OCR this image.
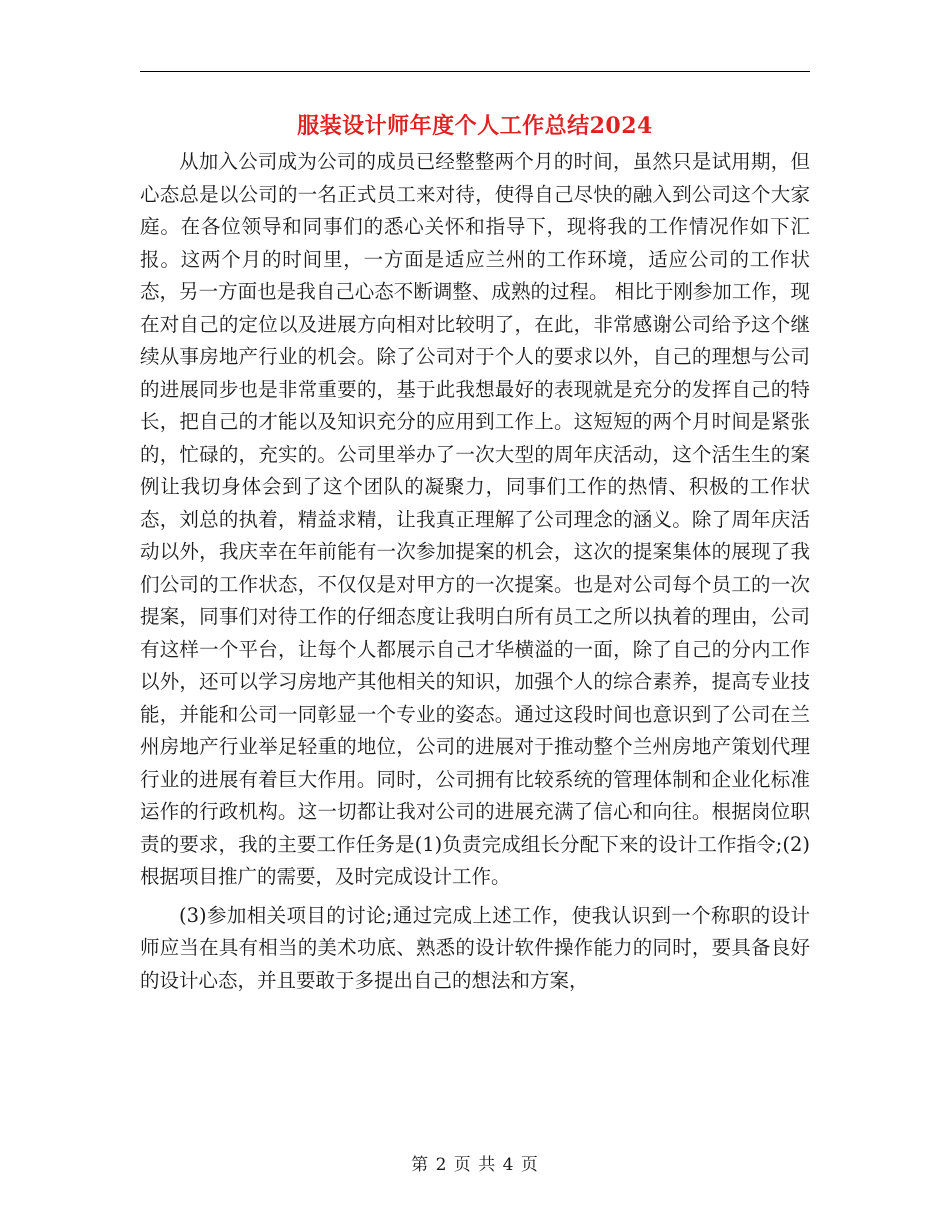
服装设计师年度个人工作总结2024

从加入公司成为公司的成员已经整整两个月的时间，虽然只是试用期，但心态总是以公司的一名正式员工来对待，使得自己尽快的融入到公司这个大家庭。在各位领导和同事们的悉心关怀和指导下，现将我的工作情况作如下汇报。这两个月的时间里，一方面是适应兰州的工作环境，适应公司的工作状态，另一方面也是我自己心态不断调整、成熟的过程。 相比于刚参加工作，现在对自己的定位以及进展方向相对比较明了，在此，非常感谢公司给予这个继续从事房地产行业的机会。除了公司对于个人的要求以外，自己的理想与公司的进展同步也是非常重要的，基于此我想最好的表现就是充分的发挥自己的特长，把自己的才能以及知识充分的应用到工作上。这短短的两个月时间是紧张的，忙碌的，充实的。公司里举办了一次大型的周年庆活动，这个活生生的案例让我切身体会到了这个团队的凝聚力，同事们工作的热情、积极的工作状态，刘总的执着，精益求精，让我真正理解了公司理念的涵义。除了周年庆活动以外，我庆幸在年前能有一次参加提案的机会，这次的提案集体的展现了我们公司的工作状态，不仅仅是对甲方的一次提案。也是对公司每个员工的一次提案，同事们对待工作的仔细态度让我明白所有员工之所以执着的理由，公司有这样一个平台，让每个人都展示自己才华横溢的一面，除了自己的分内工作以外，还可以学习房地产其他相关的知识，加强个人的综合素养，提高专业技能，并能和公司一同彰显一个专业的姿态。通过这段时间也意识到了公司在兰州房地产行业举足轻重的地位，公司的进展对于推动整个兰州房地产策划代理行业的进展有着巨大作用。同时，公司拥有比较系统的管理体制和企业化标准运作的行政机构。这一切都让我对公司的进展充满了信心和向往。根据岗位职责的要求，我的主要工作任务是(1)负责完成组长分配下来的设计工作指令;(2)根据项目推广的需要，及时完成设计工作。

(3)参加相关项目的讨论;通过完成上述工作，使我认识到一个称职的设计师应当在具有相当的美术功底、熟悉的设计软件操作能力的同时，要具备良好的设计心态，并且要敢于多提出自己的想法和方案，

第 2 页 共 4 页
